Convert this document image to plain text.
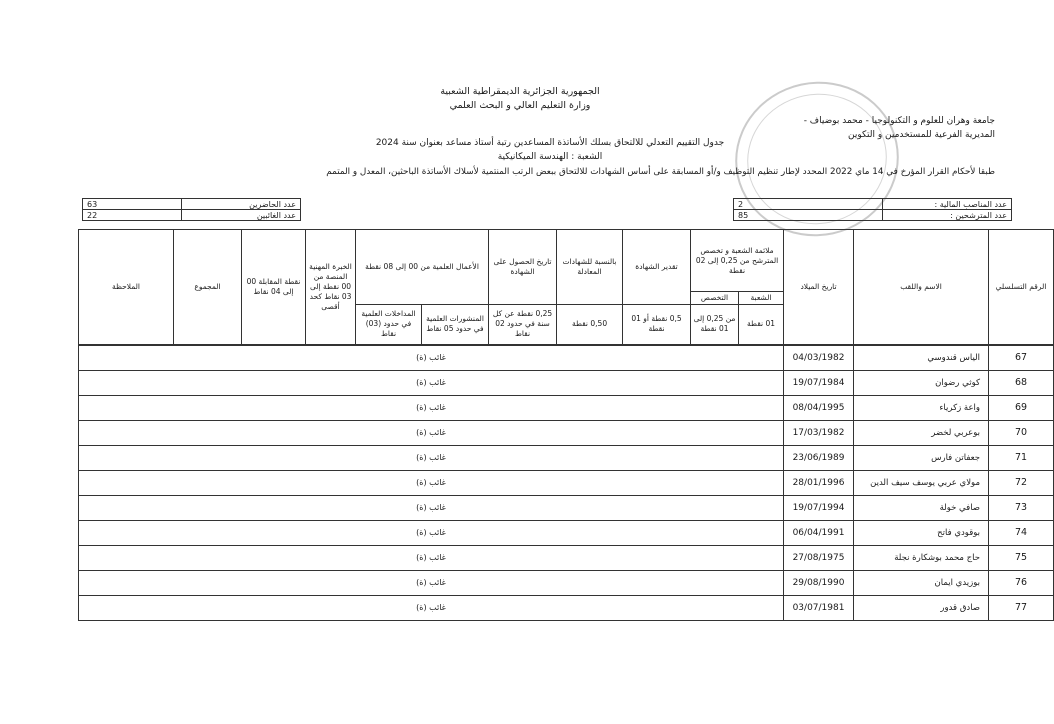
الجمهورية الجزائرية الديمقراطية الشعبية
وزارة التعليم العالي و البحث العلمي
جامعة وهران للعلوم و التكنولوجيا - محمد بوضياف -
المديرية الفرعية للمستخدمين و التكوين
جدول التقييم التعدلي للالتحاق بسلك الأساتذة المساعدين رتبة أستاذ مساعد بعنوان سنة 2024
الشعبة : الهندسة الميكانيكية
طبقا لأحكام القرار المؤرخ في 14 ماي 2022 المحدد لإطار تنظيم التوظيف و/أو المسابقة على أساس الشهادات للالتحاق ببعض الرتب المنتمية لأسلاك الأساتذة الباحثين، المعدل و المتمم
عدد الحاضرين	63
عدد الغائبين	22
عدد المناصب المالية :	2
عدد المترشحين :	85
الرقم التسلسلي	الاسم واللقب	تاريخ الميلاد	ملائمة الشعبة و تخصص المترشح من 0,25 إلى 02 نقطة		تقدير الشهادة	بالنسبة للشهادات المعادلة	تاريخ الحصول على الشهادة	الأعمال العلمية من 00 إلى 08 نقطة		الخبرة المهنية المنصة من 00 نقطة إلى 03 نقاط كحد أقصى	نقطة المقابلة 00 إلى 04 نقاط	المجموع	الملاحظة
			الشعبة	التخصص									
			01 نقطة	من 0,25 إلى 01 نقطة	0,5 نقطة أو 01 نقطة	0,50 نقطة	0,25 نقطة عن كل سنة في حدود 02 نقاط	المنشورات العلمية في حدود 05 نقاط	المداخلات العلمية في حدود (03) نقاط				
67	الياس قندوسي	04/03/1982	غائب (ة)										
68	كوثي رضوان	19/07/1984	غائب (ة)										
69	واعة زكرياء	08/04/1995	غائب (ة)										
70	بوعربي لخضر	17/03/1982	غائب (ة)										
71	جعفاتن فارس	23/06/1989	غائب (ة)										
72	مولاي عربي يوسف سيف الدين	28/01/1996	غائب (ة)										
73	صافي خولة	19/07/1994	غائب (ة)										
74	بوقودي فاتح	06/04/1991	غائب (ة)										
75	حاج محمد بوشكارة نجلة	27/08/1975	غائب (ة)										
76	بوزيدي ايمان	29/08/1990	غائب (ة)										
77	صادق قدور	03/07/1981	غائب (ة)										
